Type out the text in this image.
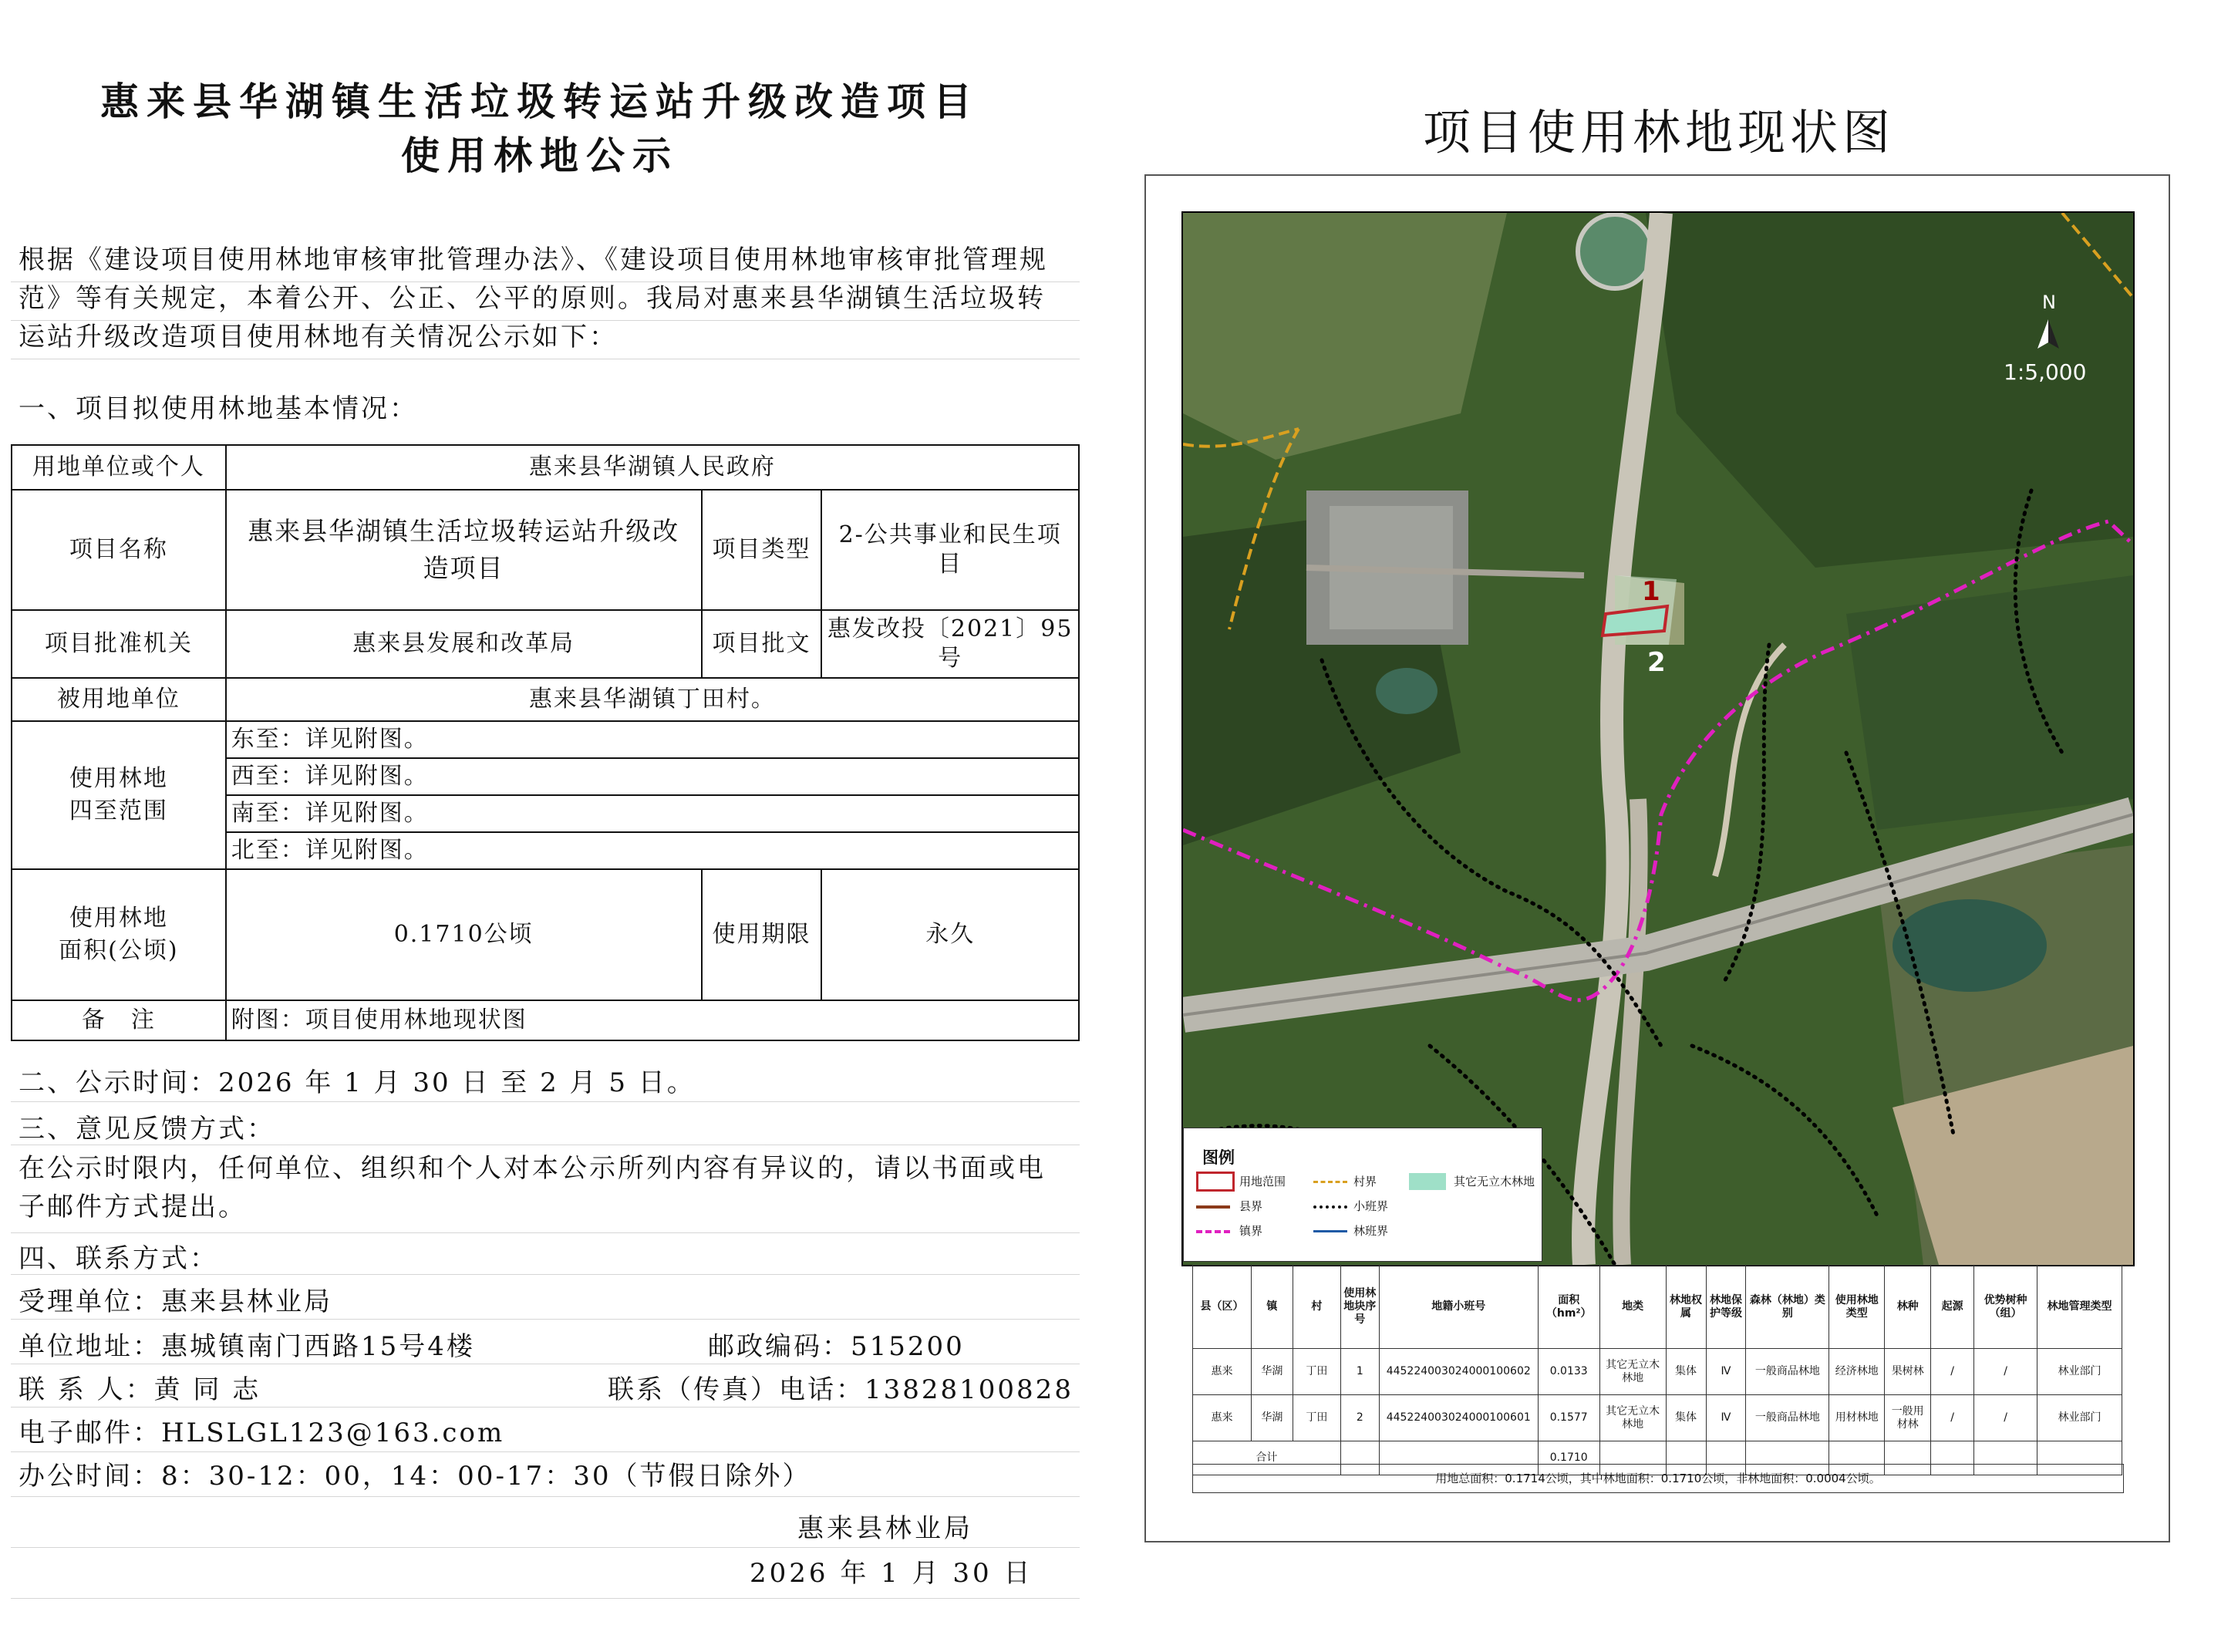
惠来县华湖镇生活垃圾转运站升级改造项目
使用林地公示
根据《建设项目使用林地审核审批管理办法》、《建设项目使用林地审核审批管理规范》等有关规定，本着公开、公正、公平的原则。我局对惠来县华湖镇生活垃圾转运站升级改造项目使用林地有关情况公示如下：
一、项目拟使用林地基本情况：
用地单位或个人	惠来县华湖镇人民政府		
项目名称	惠来县华湖镇生活垃圾转运站升级改造项目	项目类型	2-公共事业和民生项目
项目批准机关	惠来县发展和改革局	项目批文	惠发改投〔2021〕95号
被用地单位	惠来县华湖镇丁田村。		
使用林地四至范围	东至：详见附图。		
	西至：详见附图。		
	南至：详见附图。		
	北至：详见附图。		
使用林地面积(公顷)	0.1710公顷	使用期限	永久
备　注	附图：项目使用林地现状图		
二、公示时间：2026 年 1 月 30 日 至 2 月 5 日。
三、意见反馈方式：
在公示时限内，任何单位、组织和个人对本公示所列内容有异议的，请以书面或电子邮件方式提出。
四、联系方式：
受理单位：惠来县林业局
单位地址：惠城镇南门西路15号4楼	邮政编码：515200
联 系 人：黄 同 志	联系（传真）电话：13828100828
电子邮件：HLSLGL123@163.com
办公时间：8：30-12：00，14：00-17：30（节假日除外）
惠来县林业局
2026 年 1 月 30 日
项目使用林地现状图
1
2
N
1:5,000
图例
用地范围	村界	其它无立木林地
县界	小班界
镇界	林班界
县（区）	镇	村	使用林地块序号	地籍小班号	面积（hm²）	地类	林地权属	林地保护等级	森林（林地）类别	使用林地类型	林种	起源	优势树种（组）	林地管理类型
惠来	华湖	丁田	1	445224003024000100602	0.0133	其它无立木林地	集体	Ⅳ	一般商品林地	经济林地	果树林	/	/	林业部门
惠来	华湖	丁田	2	445224003024000100601	0.1577	其它无立木林地	集体	Ⅳ	一般商品林地	用材林地	一般用材林	/	/	林业部门
合计					0.1710									
用地总面积：0.1714公顷，其中林地面积：0.1710公顷，非林地面积：0.0004公顷。
